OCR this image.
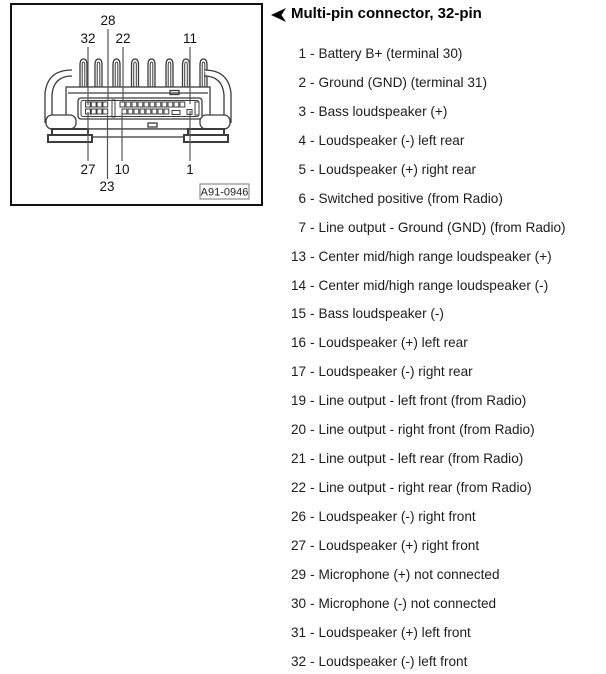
28
32 22	11
27 10	1
23	A91-0946
Multi-pin connector, 32-pin
1 - Battery B+ (terminal 30)
2 - Ground (GND) (terminal 31)
3 - Bass loudspeaker (+)
4 - Loudspeaker (-) left rear
5 - Loudspeaker (+) right rear
6 - Switched positive (from Radio)
7 - Line output - Ground (GND) (from Radio)
13 - Center mid/high range loudspeaker (+)
14 - Center mid/high range loudspeaker (-)
15 - Bass loudspeaker (-)
16 - Loudspeaker (+) left rear
17 - Loudspeaker (-) right rear
19 - Line output - left front (from Radio)
20 - Line output - right front (from Radio)
21 - Line output - left rear (from Radio)
22 - Line output - right rear (from Radio)
26 - Loudspeaker (-) right front
27 - Loudspeaker (+) right front
29 - Microphone (+) not connected
30 - Microphone (-) not connected
31 - Loudspeaker (+) left front
32 - Loudspeaker (-) left front
